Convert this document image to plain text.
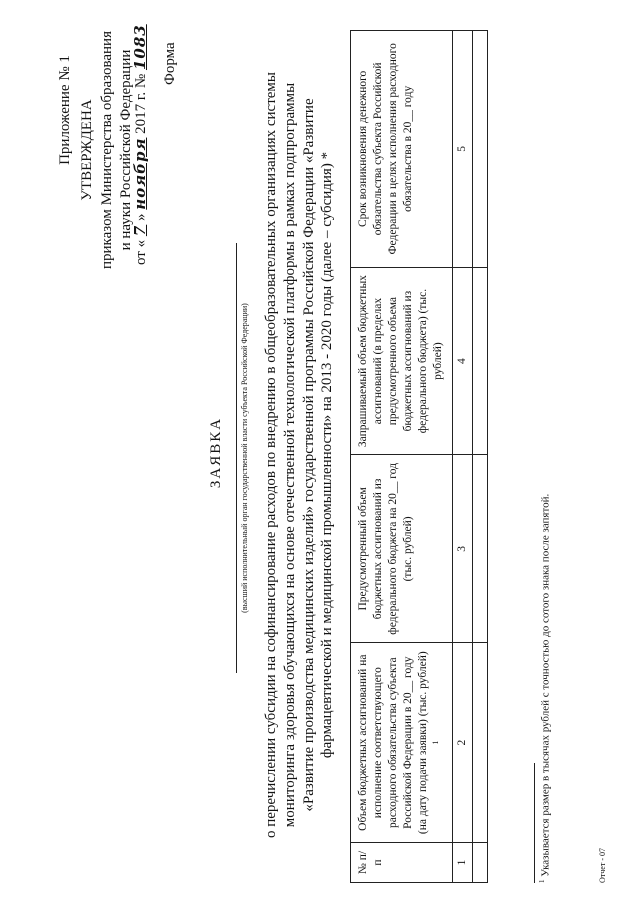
Приложение № 1 УТВЕРЖДЕНА приказом Министерства образования и науки Российской Федерации
от « 7 » ноября 2017 г. № 1083 Форма
ЗАЯВКА (высший исполнительный орган государственной власти субъекта Российской Федерации) о перечислении субсидии на софинансирование расходов по внедрению в общеобразовательных организациях системы мониторинга здоровья обучающихся на основе отечественной технологической платформы в рамках подпрограммы «Развитие производства медицинских изделий» государственной программы Российской Федерации «Развитие фармацевтической и медицинской промышленности» на 2013 - 2020 годы (далее – субсидия) *
№ п/п	Объем бюджетных ассигнований на исполнение соответствующего расходного обязательства субъекта Российской Федерации в 20__ году (на дату подачи заявки) (тыс. рублей) $^1$	Предусмотренный объем бюджетных ассигнований из федерального бюджета на 20__ год (тыс. рублей)	Запрашиваемый объем бюджетных ассигнований (в пределах предусмотренного объема бюджетных ассигнований из федерального бюджета) (тыс. рублей)	Срок возникновения денежного обязательства субъекта Российской Федерации в целях исполнения расходного обязательства в 20__ году
1	2	3	4	5

$^1$ Указывается размер в тысячах рублей с точностью до сотого знака после запятой.	Отчет - 07
